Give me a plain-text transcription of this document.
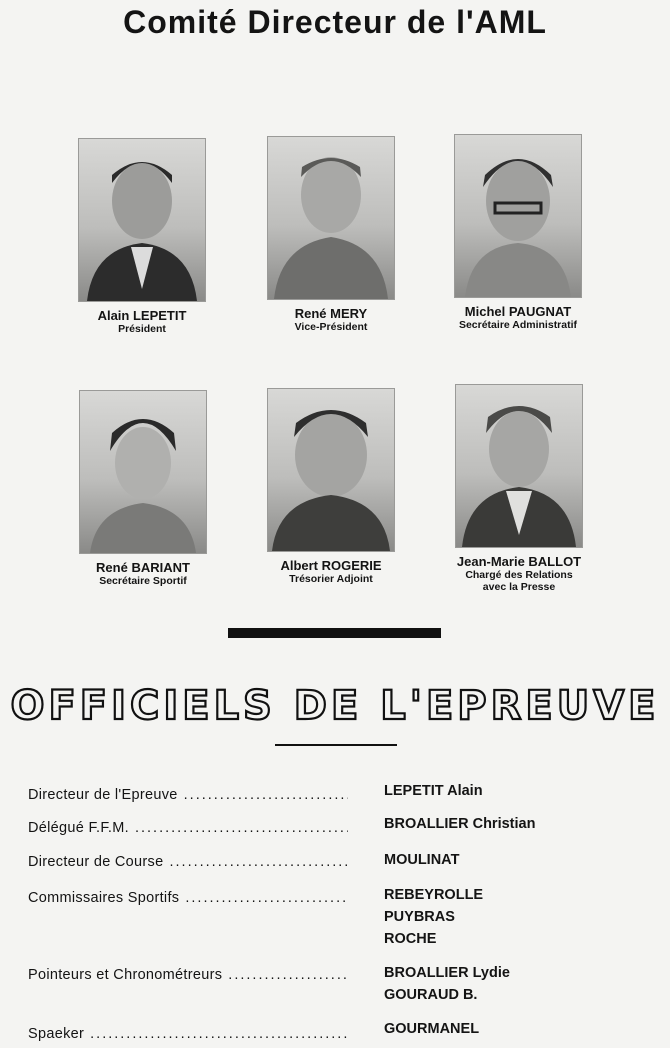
Comité Directeur de l'AML
Alain LEPETIT
Président
René MERY
Vice-Président
Michel PAUGNAT
Secrétaire Administratif
René BARIANT
Secrétaire Sportif
Albert ROGERIE
Trésorier Adjoint
Jean-Marie BALLOT
Chargé des Relations
avec la Presse
OFFICIELS DE L'EPREUVE
Directeur de l'Epreuve .....	LEPETIT Alain
Délégué F.F.M. .....	BROALLIER Christian
Directeur de Course .....	MOULINAT
Commissaires Sportifs .....	REBEYROLLE
PUYBRAS
ROCHE
Pointeurs et Chronométreurs .....	BROALLIER Lydie
GOURAUD B.
Spaeker .....	GOURMANEL
